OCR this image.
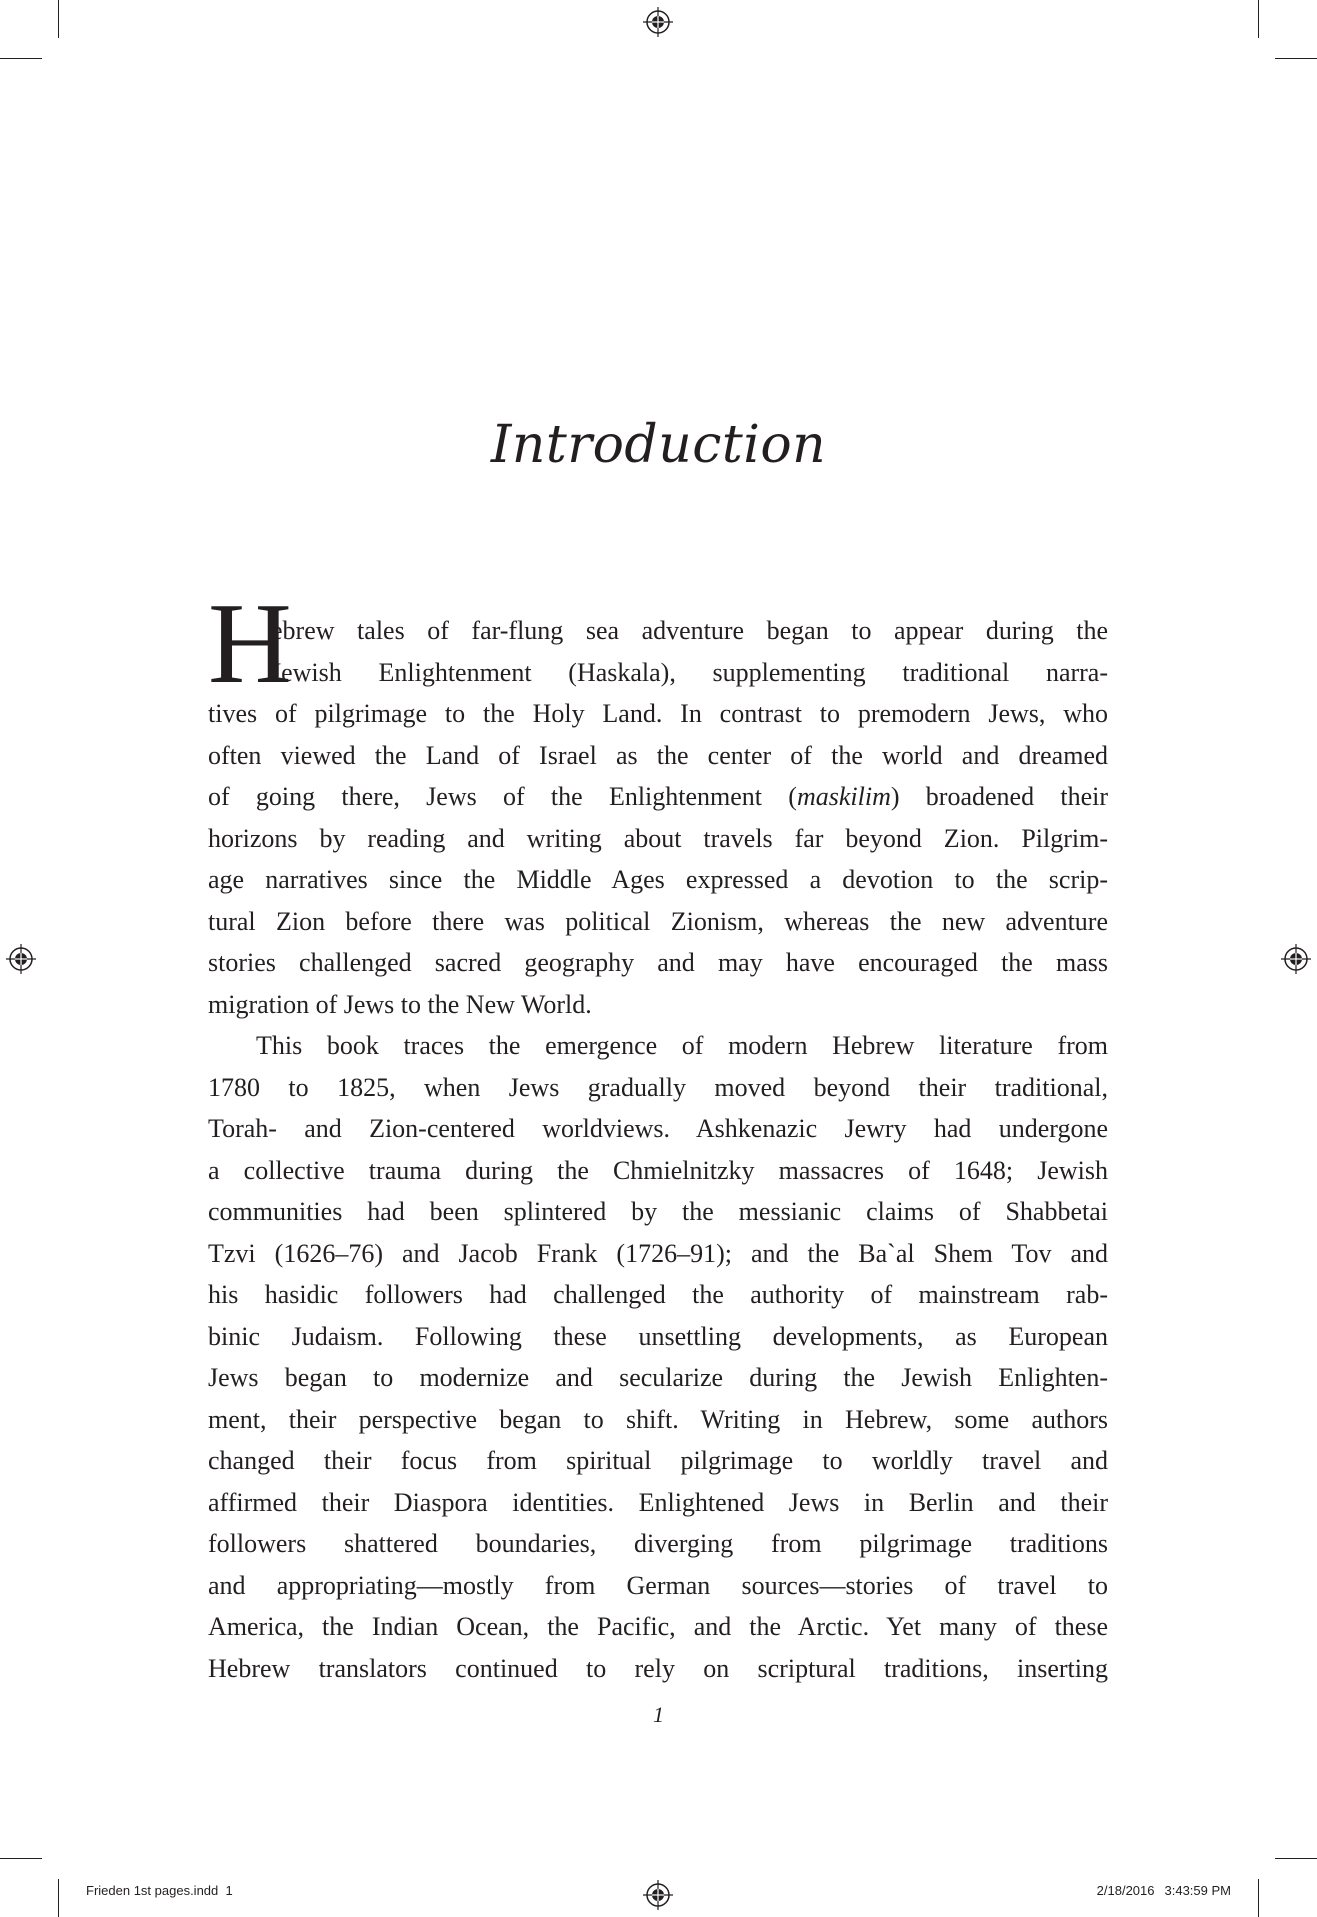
Introduction
H
ebrew tales of far-flung sea adventure began to appear during the
Jewish Enlightenment (Haskala), supplementing traditional narra-
tives of pilgrimage to the Holy Land. In contrast to premodern Jews, who
often viewed the Land of Israel as the center of the world and dreamed
of going there, Jews of the Enlightenment (maskilim) broadened their
horizons by reading and writing about travels far beyond Zion. Pilgrim-
age narratives since the Middle Ages expressed a devotion to the scrip-
tural Zion before there was political Zionism, whereas the new adventure
stories challenged sacred geography and may have encouraged the mass
migration of Jews to the New World.
This book traces the emergence of modern Hebrew literature from
1780 to 1825, when Jews gradually moved beyond their traditional,
Torah- and Zion-centered worldviews. Ashkenazic Jewry had undergone
a collective trauma during the Chmielnitzky massacres of 1648; Jewish
communities had been splintered by the messianic claims of Shabbetai
Tzvi (1626–76) and Jacob Frank (1726–91); and the Ba`al Shem Tov and
his hasidic followers had challenged the authority of mainstream rab-
binic Judaism. Following these unsettling developments, as European
Jews began to modernize and secularize during the Jewish Enlighten-
ment, their perspective began to shift. Writing in Hebrew, some authors
changed their focus from spiritual pilgrimage to worldly travel and
affirmed their Diaspora identities. Enlightened Jews in Berlin and their
followers shattered boundaries, diverging from pilgrimage traditions
and appropriating—mostly from German sources—stories of travel to
America, the Indian Ocean, the Pacific, and the Arctic. Yet many of these
Hebrew translators continued to rely on scriptural traditions, inserting
1
Frieden 1st pages.indd 1	2/18/2016 3:43:59 PM
